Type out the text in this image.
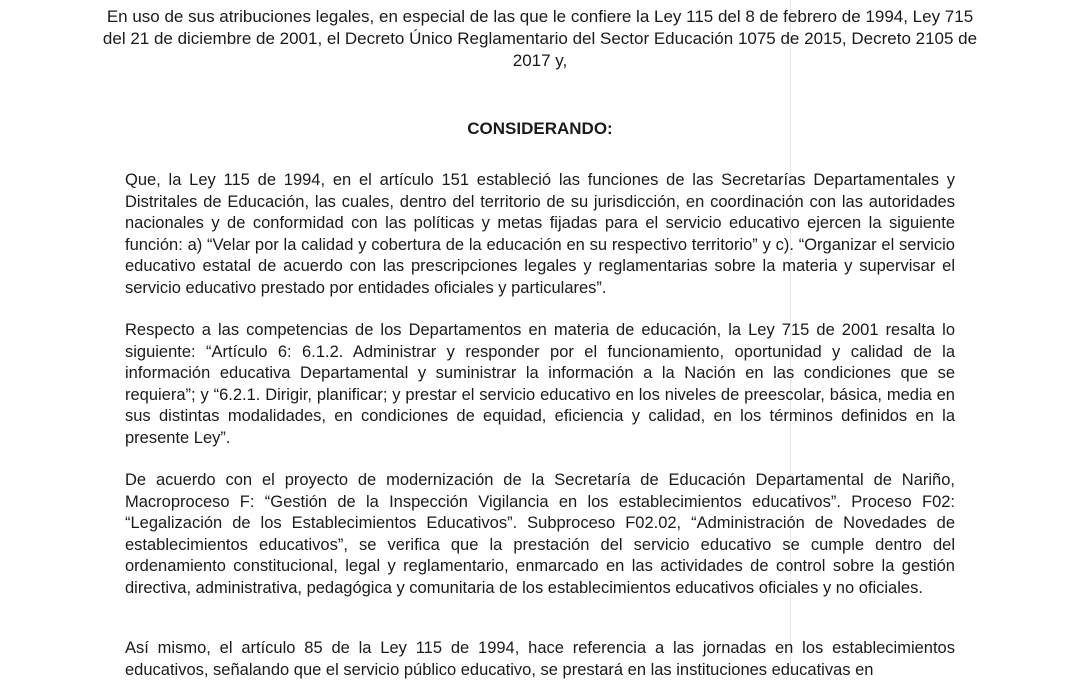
En uso de sus atribuciones legales, en especial de las que le confiere la Ley 115 del 8 de febrero de 1994, Ley 715 del 21 de diciembre de 2001, el Decreto Único Reglamentario del Sector Educación 1075 de 2015, Decreto 2105 de 2017 y,

CONSIDERANDO:

Que, la Ley 115 de 1994, en el artículo 151 estableció las funciones de las Secretarías Departamentales y Distritales de Educación, las cuales, dentro del territorio de su jurisdicción, en coordinación con las autoridades nacionales y de conformidad con las políticas y metas fijadas para el servicio educativo ejercen la siguiente función: a) “Velar por la calidad y cobertura de la educación en su respectivo territorio” y c). “Organizar el servicio educativo estatal de acuerdo con las prescripciones legales y reglamentarias sobre la materia y supervisar el servicio educativo prestado por entidades oficiales y particulares”.

Respecto a las competencias de los Departamentos en materia de educación, la Ley 715 de 2001 resalta lo siguiente: “Artículo 6: 6.1.2. Administrar y responder por el funcionamiento, oportunidad y calidad de la información educativa Departamental y suministrar la información a la Nación en las condiciones que se requiera”; y “6.2.1. Dirigir, planificar; y prestar el servicio educativo en los niveles de preescolar, básica, media en sus distintas modalidades, en condiciones de equidad, eficiencia y calidad, en los términos definidos en la presente Ley”.

De acuerdo con el proyecto de modernización de la Secretaría de Educación Departamental de Nariño, Macroproceso F: “Gestión de la Inspección Vigilancia en los establecimientos educativos”. Proceso F02: “Legalización de los Establecimientos Educativos”. Subproceso F02.02, “Administración de Novedades de establecimientos educativos”, se verifica que la prestación del servicio educativo se cumple dentro del ordenamiento constitucional, legal y reglamentario, enmarcado en las actividades de control sobre la gestión directiva, administrativa, pedagógica y comunitaria de los establecimientos educativos oficiales y no oficiales.

Así mismo, el artículo 85 de la Ley 115 de 1994, hace referencia a las jornadas en los establecimientos educativos, señalando que el servicio público educativo, se prestará en las instituciones educativas en
